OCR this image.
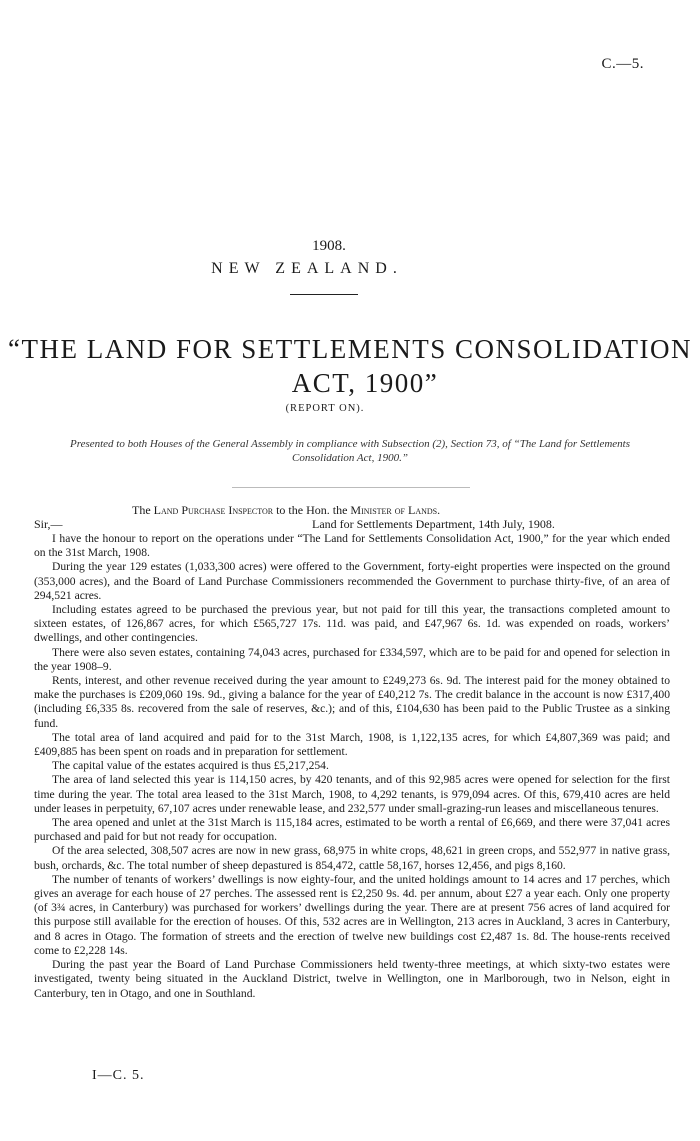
C.—5.
1908.
NEW ZEALAND.
“THE LAND FOR SETTLEMENTS CONSOLIDATION
ACT, 1900”
(REPORT ON).
Presented to both Houses of the General Assembly in compliance with Subsection (2), Section 73, of “The Land for Settlements Consolidation Act, 1900.”
The Land Purchase Inspector to the Hon. the Minister of Lands.
Sir,—	Land for Settlements Department, 14th July, 1908.

I have the honour to report on the operations under “The Land for Settlements Consolidation Act, 1900,” for the year which ended on the 31st March, 1908.

During the year 129 estates (1,033,300 acres) were offered to the Government, forty-eight properties were inspected on the ground (353,000 acres), and the Board of Land Purchase Commissioners recommended the Government to purchase thirty-five, of an area of 294,521 acres.

Including estates agreed to be purchased the previous year, but not paid for till this year, the transactions completed amount to sixteen estates, of 126,867 acres, for which £565,727 17s. 11d. was paid, and £47,967 6s. 1d. was expended on roads, workers’ dwellings, and other contingencies.

There were also seven estates, containing 74,043 acres, purchased for £334,597, which are to be paid for and opened for selection in the year 1908–9.

Rents, interest, and other revenue received during the year amount to £249,273 6s. 9d. The interest paid for the money obtained to make the purchases is £209,060 19s. 9d., giving a balance for the year of £40,212 7s. The credit balance in the account is now £317,400 (including £6,335 8s. recovered from the sale of reserves, &c.); and of this, £104,630 has been paid to the Public Trustee as a sinking fund.

The total area of land acquired and paid for to the 31st March, 1908, is 1,122,135 acres, for which £4,807,369 was paid; and £409,885 has been spent on roads and in preparation for settlement.

The capital value of the estates acquired is thus £5,217,254.

The area of land selected this year is 114,150 acres, by 420 tenants, and of this 92,985 acres were opened for selection for the first time during the year. The total area leased to the 31st March, 1908, to 4,292 tenants, is 979,094 acres. Of this, 679,410 acres are held under leases in perpetuity, 67,107 acres under renewable lease, and 232,577 under small-grazing-run leases and miscellaneous tenures.

The area opened and unlet at the 31st March is 115,184 acres, estimated to be worth a rental of £6,669, and there were 37,041 acres purchased and paid for but not ready for occupation.

Of the area selected, 308,507 acres are now in new grass, 68,975 in white crops, 48,621 in green crops, and 552,977 in native grass, bush, orchards, &c. The total number of sheep depastured is 854,472, cattle 58,167, horses 12,456, and pigs 8,160.

The number of tenants of workers’ dwellings is now eighty-four, and the united holdings amount to 14 acres and 17 perches, which gives an average for each house of 27 perches. The assessed rent is £2,250 9s. 4d. per annum, about £27 a year each. Only one property (of 3¾ acres, in Canterbury) was purchased for workers’ dwellings during the year. There are at present 756 acres of land acquired for this purpose still available for the erection of houses. Of this, 532 acres are in Wellington, 213 acres in Auckland, 3 acres in Canterbury, and 8 acres in Otago. The formation of streets and the erection of twelve new buildings cost £2,487 1s. 8d. The house-rents received come to £2,228 14s.

During the past year the Board of Land Purchase Commissioners held twenty-three meetings, at which sixty-two estates were investigated, twenty being situated in the Auckland District, twelve in Wellington, one in Marlborough, two in Nelson, eight in Canterbury, ten in Otago, and one in Southland.

I—C. 5.
